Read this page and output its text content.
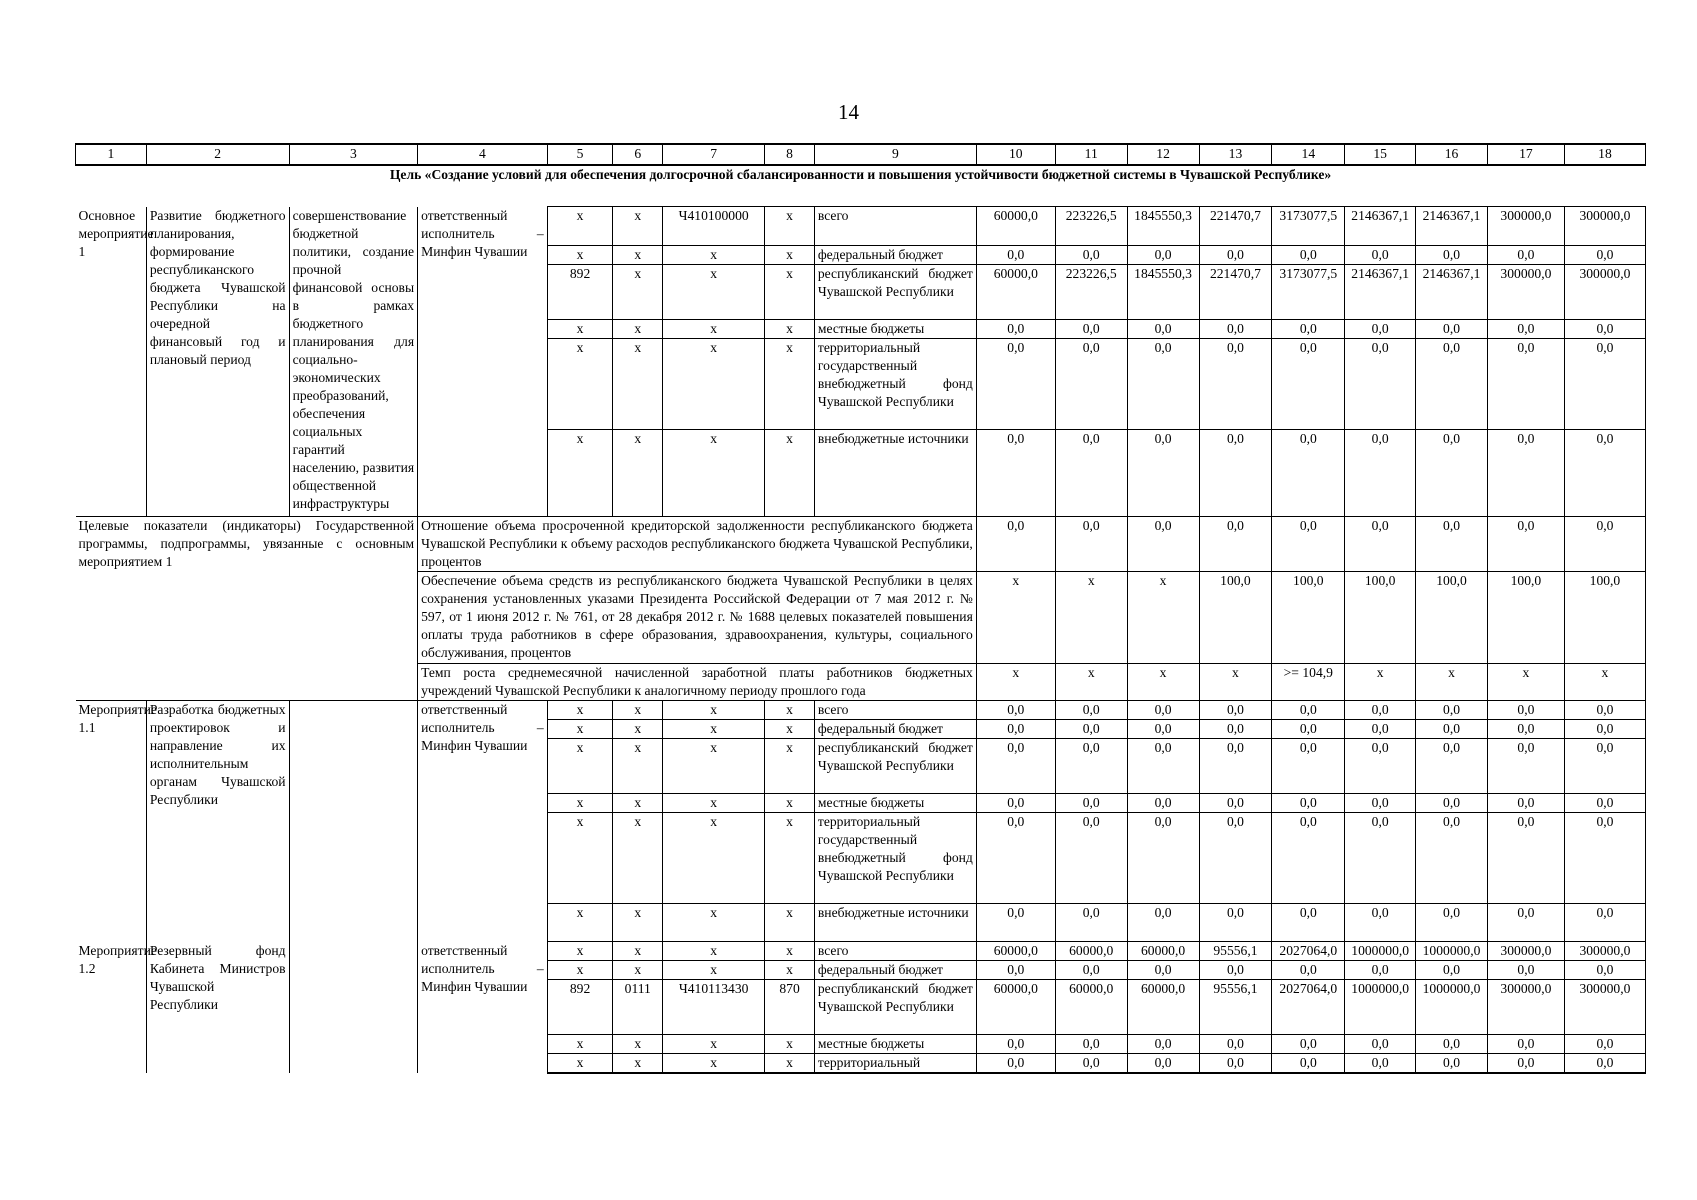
14
1	2	3	4	5	6	7	8	9	10	11	12	13	14	15	16	17	18
Цель «Создание условий для обеспечения долгосрочной сбалансированности и повышения устойчивости бюджетной системы в Чувашской Республике»																	
Основное мероприятие 1	Развитие бюджетного планирования, формирование республиканского бюджета Чувашской Республики на очередной финансовый год и плановый период	совершенствование бюджетной политики, создание прочной финансовой основы в рамках бюджетного планирования для социально-экономических преобразований, обеспечения социальных гарантий населению, развития общественной инфраструктуры	ответственный исполнитель – Минфин Чувашии	x	x	Ч410100000	x	всего	60000,0	223226,5	1845550,3	221470,7	3173077,5	2146367,1	2146367,1	300000,0	300000,0
				x	x	x	x	федеральный бюджет	0,0	0,0	0,0	0,0	0,0	0,0	0,0	0,0	0,0
				892	x	x	x	республиканский бюджет Чувашской Республики	60000,0	223226,5	1845550,3	221470,7	3173077,5	2146367,1	2146367,1	300000,0	300000,0
				x	x	x	x	местные бюджеты	0,0	0,0	0,0	0,0	0,0	0,0	0,0	0,0	0,0
				x	x	x	x	территориальный государственный внебюджетный фонд Чувашской Республики	0,0	0,0	0,0	0,0	0,0	0,0	0,0	0,0	0,0
				x	x	x	x	внебюджетные источники	0,0	0,0	0,0	0,0	0,0	0,0	0,0	0,0	0,0
Целевые показатели (индикаторы) Государственной программы, подпрограммы, увязанные с основным мероприятием 1			Отношение объема просроченной кредиторской задолженности республиканского бюджета Чувашской Республики к объему расходов республиканского бюджета Чувашской Республики, процентов						0,0	0,0	0,0	0,0	0,0	0,0	0,0	0,0	0,0
			Обеспечение объема средств из республиканского бюджета Чувашской Республики в целях сохранения установленных указами Президента Российской Федерации от 7 мая 2012 г. № 597, от 1 июня 2012 г. № 761, от 28 декабря 2012 г. № 1688 целевых показателей повышения оплаты труда работников в сфере образования, здравоохранения, культуры, социального обслуживания, процентов						x	x	x	100,0	100,0	100,0	100,0	100,0	100,0
			Темп роста среднемесячной начисленной заработной платы работников бюджетных учреждений Чувашской Республики к аналогичному периоду прошлого года						x	x	x	x	>= 104,9	x	x	x	x
Мероприятие 1.1	Разработка бюджетных проектировок и направление их исполнительным органам Чувашской Республики		ответственный исполнитель – Минфин Чувашии	x	x	x	x	всего	0,0	0,0	0,0	0,0	0,0	0,0	0,0	0,0	0,0
				x	x	x	x	федеральный бюджет	0,0	0,0	0,0	0,0	0,0	0,0	0,0	0,0	0,0
				x	x	x	x	республиканский бюджет Чувашской Республики	0,0	0,0	0,0	0,0	0,0	0,0	0,0	0,0	0,0
				x	x	x	x	местные бюджеты	0,0	0,0	0,0	0,0	0,0	0,0	0,0	0,0	0,0
				x	x	x	x	территориальный государственный внебюджетный фонд Чувашской Республики	0,0	0,0	0,0	0,0	0,0	0,0	0,0	0,0	0,0
				x	x	x	x	внебюджетные источники	0,0	0,0	0,0	0,0	0,0	0,0	0,0	0,0	0,0
Мероприятие 1.2	Резервный фонд Кабинета Министров Чувашской Республики		ответственный исполнитель – Минфин Чувашии	x	x	x	x	всего	60000,0	60000,0	60000,0	95556,1	2027064,0	1000000,0	1000000,0	300000,0	300000,0
				x	x	x	x	федеральный бюджет	0,0	0,0	0,0	0,0	0,0	0,0	0,0	0,0	0,0
				892	0111	Ч410113430	870	республиканский бюджет Чувашской Республики	60000,0	60000,0	60000,0	95556,1	2027064,0	1000000,0	1000000,0	300000,0	300000,0
				x	x	x	x	местные бюджеты	0,0	0,0	0,0	0,0	0,0	0,0	0,0	0,0	0,0
				x	x	x	x	территориальный	0,0	0,0	0,0	0,0	0,0	0,0	0,0	0,0	0,0
